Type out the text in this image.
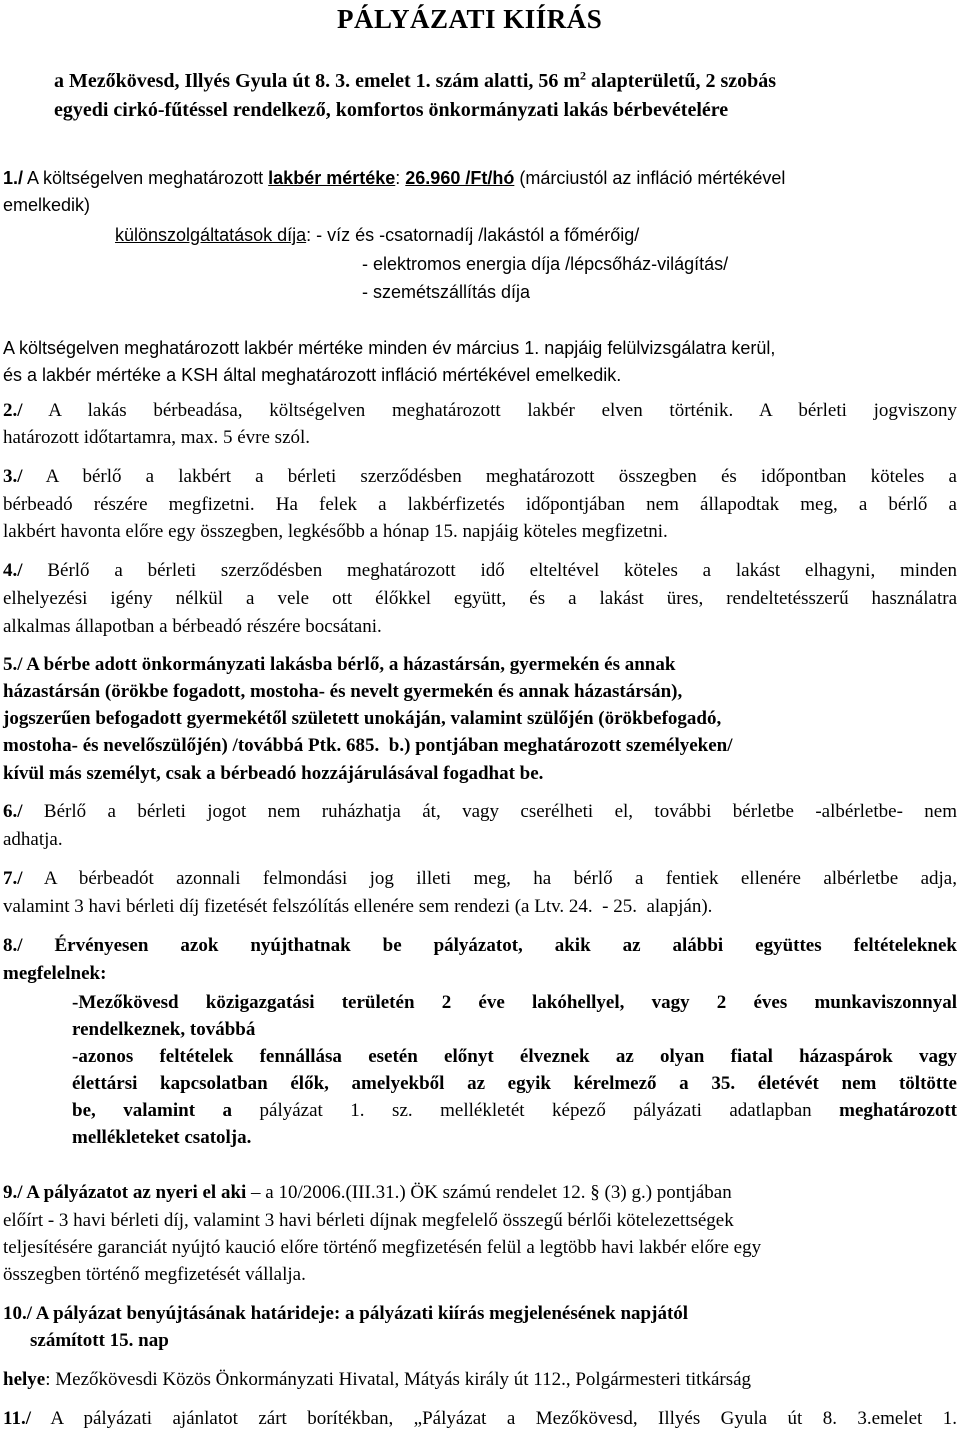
PÁLYÁZATI KIÍRÁS
a Mezőkövesd, Illyés Gyula út 8. 3. emelet 1. szám alatti, 56 $m^2$ alapterületű, 2 szobás
egyedi cirkó-fűtéssel rendelkező, komfortos önkormányzati lakás bérbevételére
1./ A költségelven meghatározott lakbér mértéke: 26.960 /Ft/hó (márciustól az infláció mértékével
emelkedik)
különszolgáltatások díja: - víz és -csatornadíj /lakástól a főmérőig/
- elektromos energia díja /lépcsőház-világítás/
- szemétszállítás díja
A költségelven meghatározott lakbér mértéke minden év március 1. napjáig felülvizsgálatra kerül,
és a lakbér mértéke a KSH által meghatározott infláció mértékével emelkedik.
2./ A lakás bérbeadása, költségelven meghatározott lakbér elven történik. A bérleti jogviszony
határozott időtartamra, max. 5 évre szól.
3./ A bérlő a lakbért a bérleti szerződésben meghatározott összegben és időpontban köteles a
bérbeadó részére megfizetni. Ha felek a lakbérfizetés időpontjában nem állapodtak meg, a bérlő a
lakbért havonta előre egy összegben, legkésőbb a hónap 15. napjáig köteles megfizetni.
4./ Bérlő a bérleti szerződésben meghatározott idő elteltével köteles a lakást elhagyni, minden
elhelyezési igény nélkül a vele ott élőkkel együtt, és a lakást üres, rendeltetésszerű használatra
alkalmas állapotban a bérbeadó részére bocsátani.
5./ A bérbe adott önkormányzati lakásba bérlő, a házastársán, gyermekén és annak
házastársán (örökbe fogadott, mostoha- és nevelt gyermekén és annak házastársán),
jogszerűen befogadott gyermekétől született unokáján, valamint szülőjén (örökbefogadó,
mostoha- és nevelőszülőjén) /továbbá Ptk. 685.  b.) pontjában meghatározott személyeken/
kívül más személyt, csak a bérbeadó hozzájárulásával fogadhat be.
6./ Bérlő a bérleti jogot nem ruházhatja át, vagy cserélheti el, további bérletbe -albérletbe- nem
adhatja.
7./ A bérbeadót azonnali felmondási jog illeti meg, ha bérlő a fentiek ellenére albérletbe adja,
valamint 3 havi bérleti díj fizetését felszólítás ellenére sem rendezi (a Ltv. 24.  - 25.  alapján).
8./ Érvényesen azok nyújthatnak be pályázatot, akik az alábbi együttes feltételeknek
megfelelnek:
-Mezőkövesd közigazgatási területén 2 éve lakóhellyel, vagy 2 éves munkaviszonnyal
rendelkeznek, továbbá
-azonos feltételek fennállása esetén előnyt élveznek az olyan fiatal házaspárok vagy
élettársi kapcsolatban élők, amelyekből az egyik kérelmező a 35. életévét nem töltötte
be, valamint a pályázat 1. sz. mellékletét képező pályázati adatlapban meghatározott
mellékleteket csatolja.
9./ A pályázatot az nyeri el aki – a 10/2006.(III.31.) ÖK számú rendelet 12. § (3) g.) pontjában
előírt - 3 havi bérleti díj, valamint 3 havi bérleti díjnak megfelelő összegű bérlői kötelezettségek
teljesítésére garanciát nyújtó kaució előre történő megfizetésén felül a legtöbb havi lakbér előre egy
összegben történő megfizetését vállalja.
10./ A pályázat benyújtásának határideje: a pályázati kiírás megjelenésének napjától
számított 15. nap
helye: Mezőkövesdi Közös Önkormányzati Hivatal, Mátyás király út 112., Polgármesteri titkárság
11./ A pályázati ajánlatot zárt borítékban, „Pályázat a Mezőkövesd, Illyés Gyula út 8. 3.emelet 1.
